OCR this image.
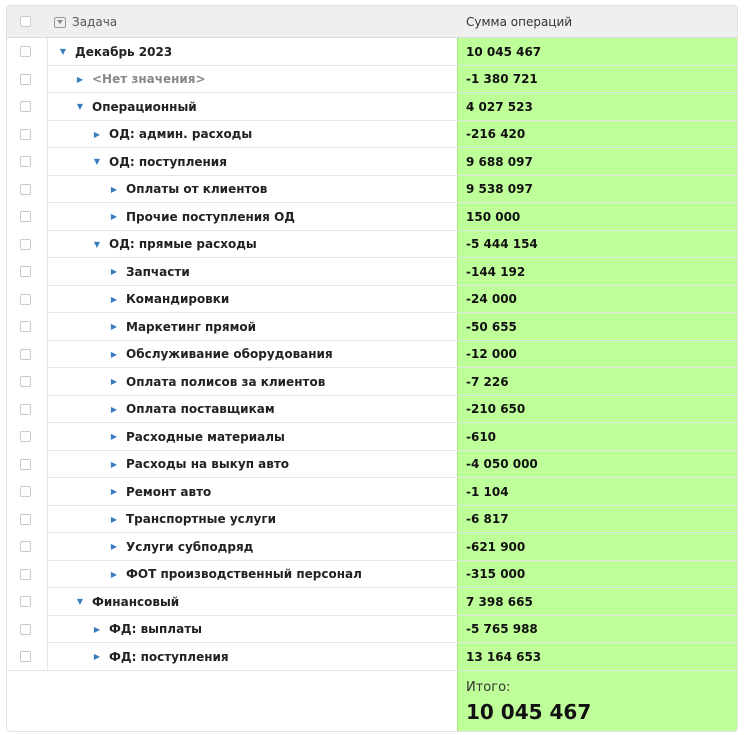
Задача	Сумма операций
▼ Декабрь 2023	10 045 467
▶ <Нет значения>	-1 380 721
▼ Операционный	4 027 523
▶ ОД: админ. расходы	-216 420
▼ ОД: поступления	9 688 097
▶ Оплаты от клиентов	9 538 097
▶ Прочие поступления ОД	150 000
▼ ОД: прямые расходы	-5 444 154
▶ Запчасти	-144 192
▶ Командировки	-24 000
▶ Маркетинг прямой	-50 655
▶ Обслуживание оборудования	-12 000
▶ Оплата полисов за клиентов	-7 226
▶ Оплата поставщикам	-210 650
▶ Расходные материалы	-610
▶ Расходы на выкуп авто	-4 050 000
▶ Ремонт авто	-1 104
▶ Транспортные услуги	-6 817
▶ Услуги субподряд	-621 900
▶ ФОТ производственный персонал	-315 000
▼ Финансовый	7 398 665
▶ ФД: выплаты	-5 765 988
▶ ФД: поступления	13 164 653
Итого:
10 045 467
